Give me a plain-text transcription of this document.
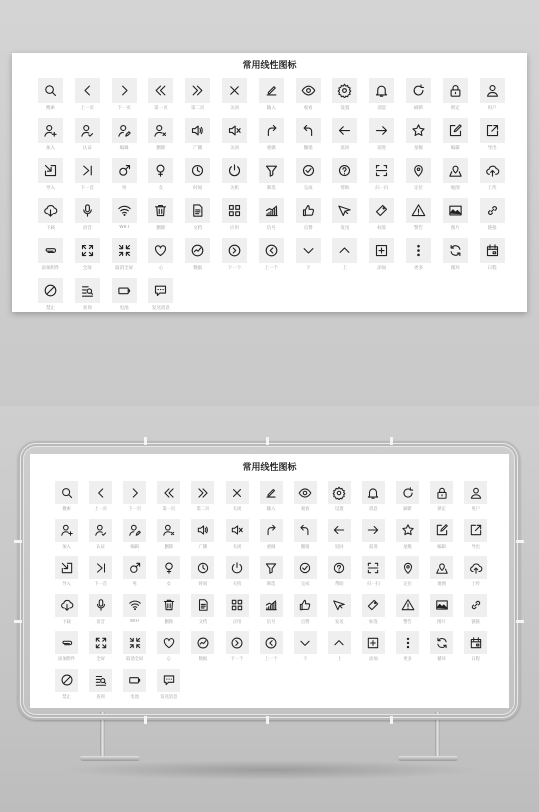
常用线性图标
搜索	上一页	下一页	第一页	第二页	关闭	输入	观看	设置	消息	刷新	锁定	用户
加入	认证	编辑	删除	广播	关闭	重做	撤销	返回	前进	星级	编辑	导出
导入	下一首	男	女	时间	关机	筛选	完成	帮助	扫一扫	定位	地图	上传
下载	语音	WIFI	删除	文档	应用	信号	点赞	发送	标签	警告	图片	链接
添加附件	全屏	取消全屏	心	数据	下一个	上一个	下	上	添加	更多	循环	日程
禁止	查询	电池	发送消息
常用线性图标
搜索	上一页	下一页	第一页	第二页	关闭	输入	观看	设置	消息	刷新	锁定	用户
加入	认证	编辑	删除	广播	关闭	重做	撤销	返回	前进	星级	编辑	导出
导入	下一首	男	女	时间	关机	筛选	完成	帮助	扫一扫	定位	地图	上传
下载	语音	WIFI	删除	文档	应用	信号	点赞	发送	标签	警告	图片	链接
添加附件	全屏	取消全屏	心	数据	下一个	上一个	下	上	添加	更多	循环	日程
禁止	查询	电池	发送消息
